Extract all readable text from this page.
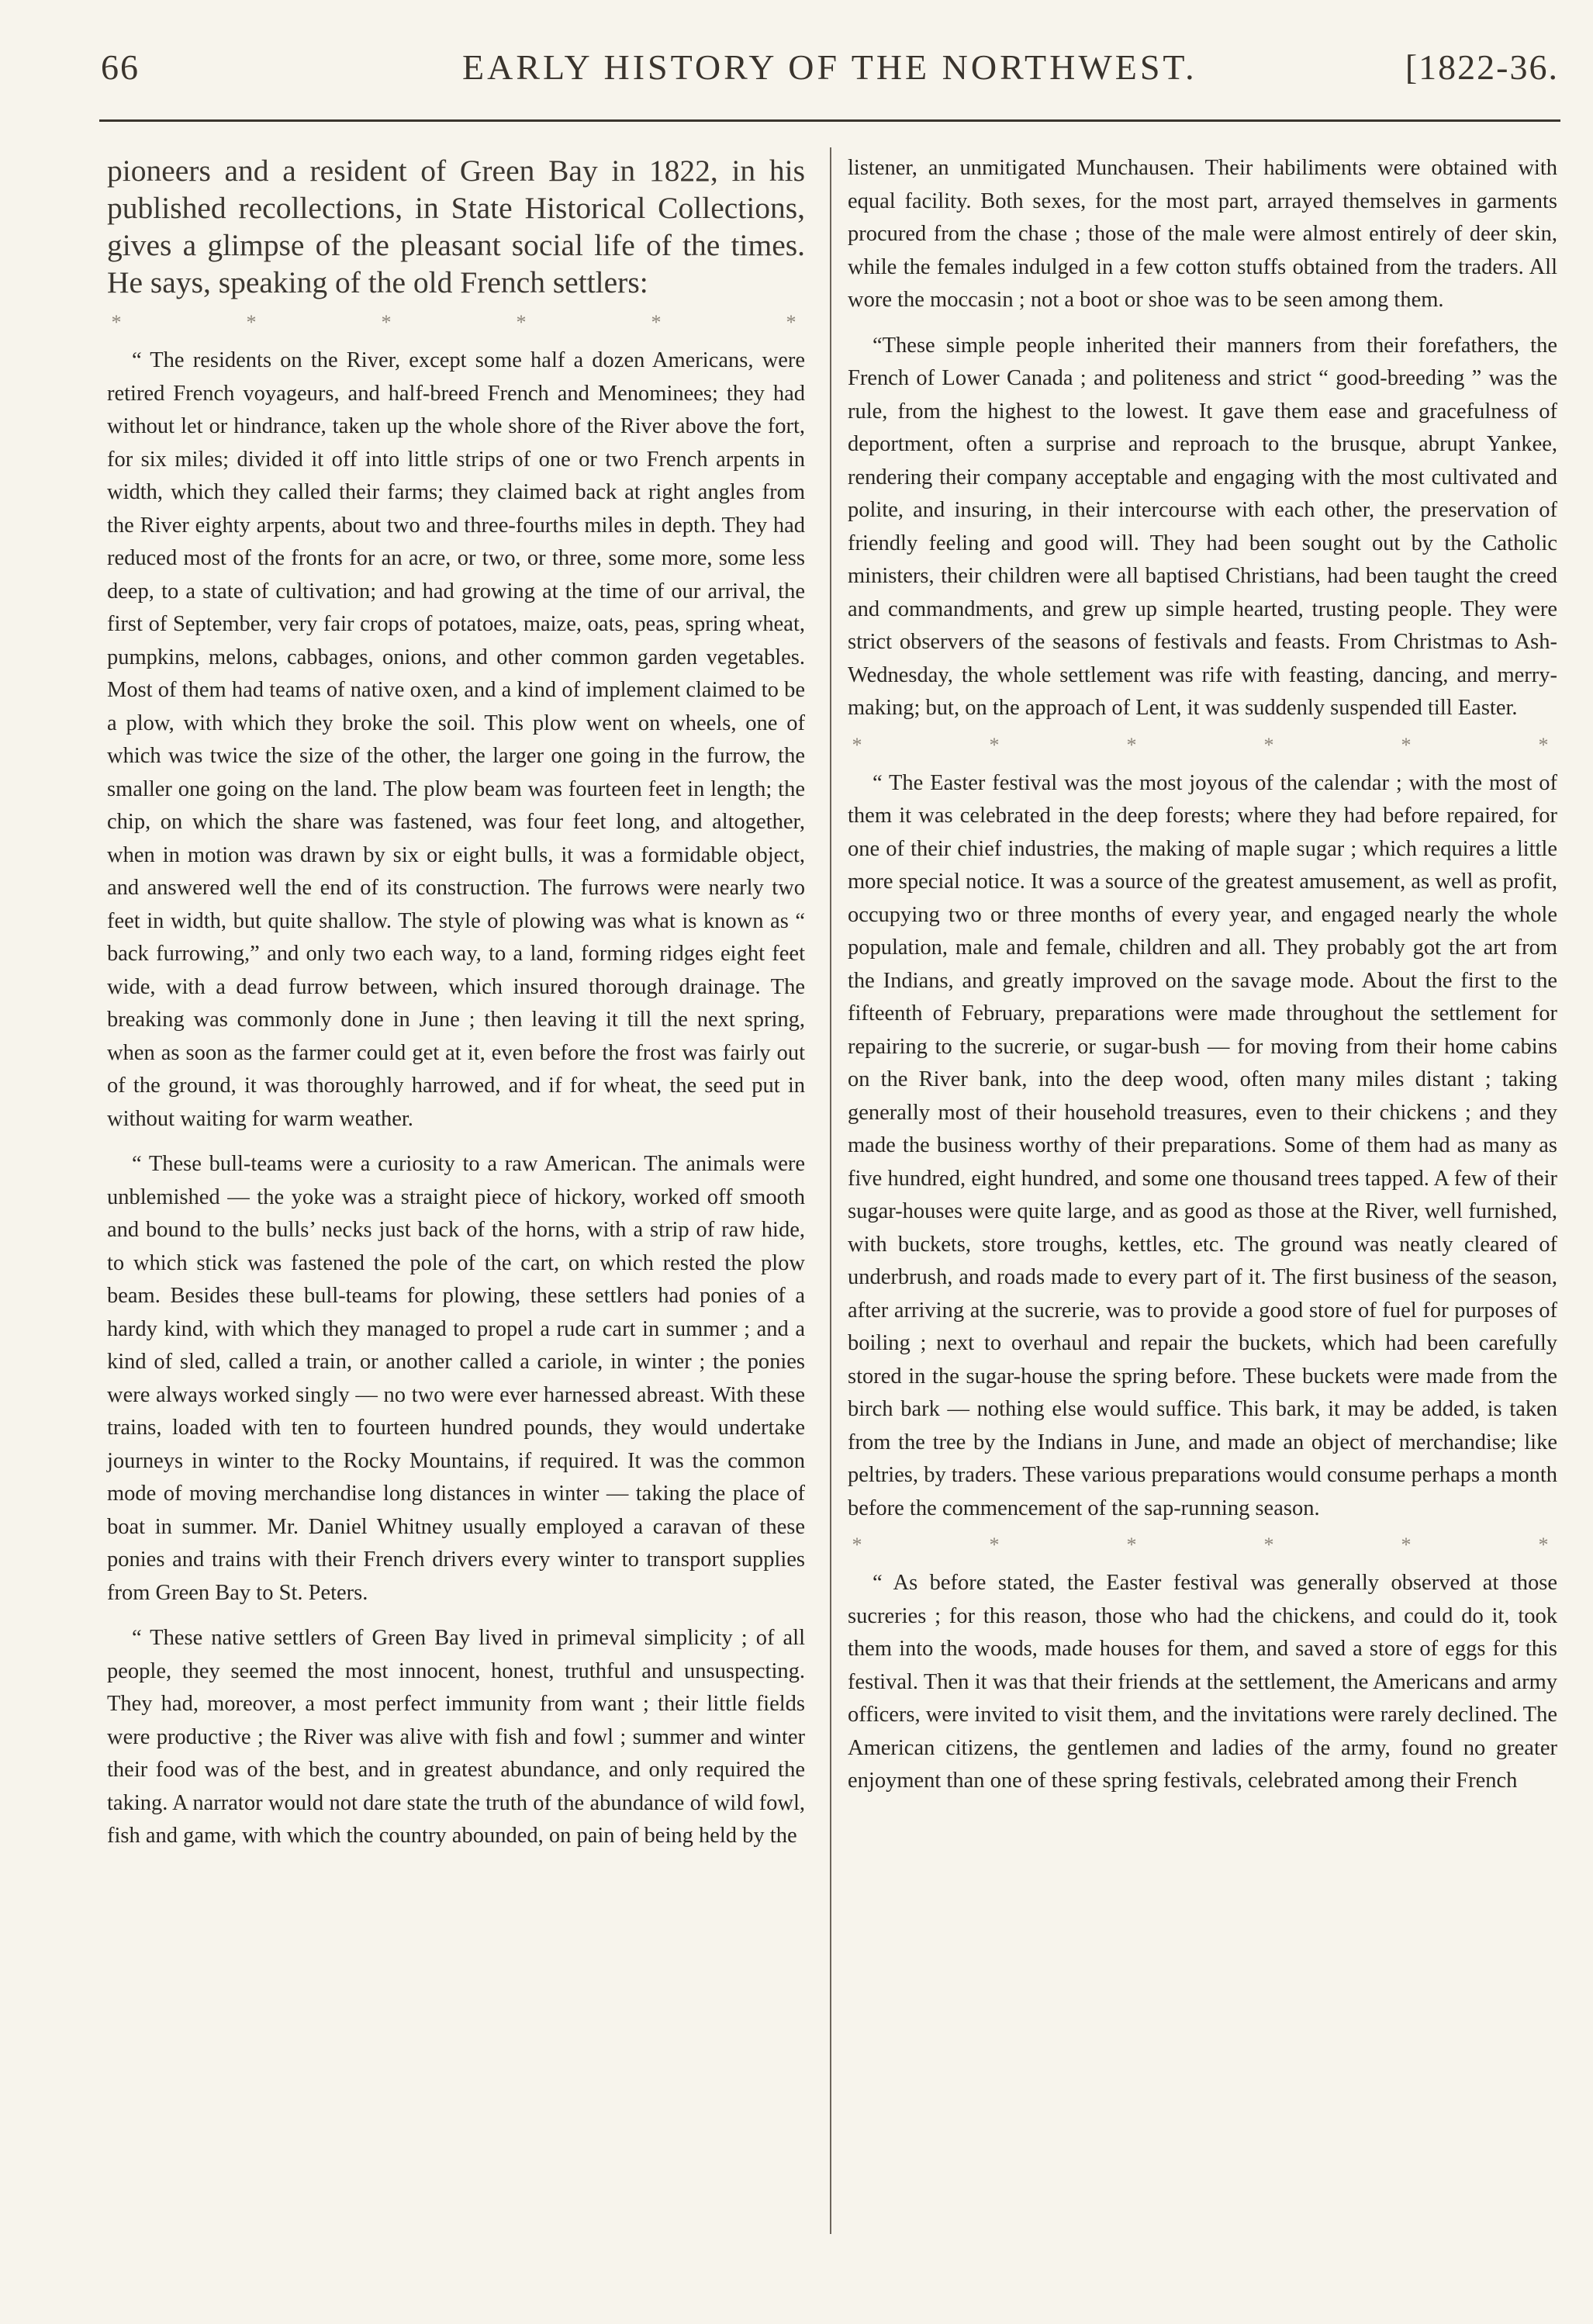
66	EARLY HISTORY OF THE NORTHWEST.	[1822-36.
pioneers and a resident of Green Bay in 1822, in his published recollections, in State Historical Collections, gives a glimpse of the pleasant social life of the times. He says, speaking of the old French settlers:
*	*	*	*	*	*

“ The residents on the River, except some half a dozen Americans, were retired French voyageurs, and half-breed French and Menominees; they had without let or hindrance, taken up the whole shore of the River above the fort, for six miles; divided it off into little strips of one or two French arpents in width, which they called their farms; they claimed back at right angles from the River eighty arpents, about two and three-fourths miles in depth. They had reduced most of the fronts for an acre, or two, or three, some more, some less deep, to a state of cultivation; and had growing at the time of our arrival, the first of September, very fair crops of potatoes, maize, oats, peas, spring wheat, pumpkins, melons, cabbages, onions, and other common garden vegetables. Most of them had teams of native oxen, and a kind of implement claimed to be a plow, with which they broke the soil. This plow went on wheels, one of which was twice the size of the other, the larger one going in the furrow, the smaller one going on the land. The plow beam was fourteen feet in length; the chip, on which the share was fastened, was four feet long, and altogether, when in motion was drawn by six or eight bulls, it was a formidable object, and answered well the end of its construction. The furrows were nearly two feet in width, but quite shallow. The style of plowing was what is known as “ back furrowing,” and only two each way, to a land, forming ridges eight feet wide, with a dead furrow between, which insured thorough drainage. The breaking was commonly done in June ; then leaving it till the next spring, when as soon as the farmer could get at it, even before the frost was fairly out of the ground, it was thoroughly harrowed, and if for wheat, the seed put in without waiting for warm weather.

“ These bull-teams were a curiosity to a raw American. The animals were unblemished — the yoke was a straight piece of hickory, worked off smooth and bound to the bulls’ necks just back of the horns, with a strip of raw hide, to which stick was fastened the pole of the cart, on which rested the plow beam. Besides these bull-teams for plowing, these settlers had ponies of a hardy kind, with which they managed to propel a rude cart in summer ; and a kind of sled, called a train, or another called a cariole, in winter ; the ponies were always worked singly — no two were ever harnessed abreast. With these trains, loaded with ten to fourteen hundred pounds, they would undertake journeys in winter to the Rocky Mountains, if required. It was the common mode of moving merchandise long distances in winter — taking the place of boat in summer. Mr. Daniel Whitney usually employed a caravan of these ponies and trains with their French drivers every winter to transport supplies from Green Bay to St. Peters.

“ These native settlers of Green Bay lived in primeval simplicity ; of all people, they seemed the most innocent, honest, truthful and unsuspecting. They had, moreover, a most perfect immunity from want ; their little fields were productive ; the River was alive with fish and fowl ; summer and winter their food was of the best, and in greatest abundance, and only required the taking. A narrator would not dare state the truth of the abundance of wild fowl, fish and game, with which the country abounded, on pain of being held by the

listener, an unmitigated Munchausen. Their habiliments were obtained with equal facility. Both sexes, for the most part, arrayed themselves in garments procured from the chase ; those of the male were almost entirely of deer skin, while the females indulged in a few cotton stuffs obtained from the traders. All wore the moccasin ; not a boot or shoe was to be seen among them.

“These simple people inherited their manners from their forefathers, the French of Lower Canada ; and politeness and strict “ good-breeding ” was the rule, from the highest to the lowest. It gave them ease and gracefulness of deportment, often a surprise and reproach to the brusque, abrupt Yankee, rendering their company acceptable and engaging with the most cultivated and polite, and insuring, in their intercourse with each other, the preservation of friendly feeling and good will. They had been sought out by the Catholic ministers, their children were all baptised Christians, had been taught the creed and commandments, and grew up simple hearted, trusting people. They were strict observers of the seasons of festivals and feasts. From Christmas to Ash-Wednesday, the whole settlement was rife with feasting, dancing, and merry-making; but, on the approach of Lent, it was suddenly suspended till Easter.

*	*	*	*	*	*

“ The Easter festival was the most joyous of the calendar ; with the most of them it was celebrated in the deep forests; where they had before repaired, for one of their chief industries, the making of maple sugar ; which requires a little more special notice. It was a source of the greatest amusement, as well as profit, occupying two or three months of every year, and engaged nearly the whole population, male and female, children and all. They probably got the art from the Indians, and greatly improved on the savage mode. About the first to the fifteenth of February, preparations were made throughout the settlement for repairing to the sucrerie, or sugar-bush — for moving from their home cabins on the River bank, into the deep wood, often many miles distant ; taking generally most of their household treasures, even to their chickens ; and they made the business worthy of their preparations. Some of them had as many as five hundred, eight hundred, and some one thousand trees tapped. A few of their sugar-houses were quite large, and as good as those at the River, well furnished, with buckets, store troughs, kettles, etc. The ground was neatly cleared of underbrush, and roads made to every part of it. The first business of the season, after arriving at the sucrerie, was to provide a good store of fuel for purposes of boiling ; next to overhaul and repair the buckets, which had been carefully stored in the sugar-house the spring before. These buckets were made from the birch bark — nothing else would suffice. This bark, it may be added, is taken from the tree by the Indians in June, and made an object of merchandise; like peltries, by traders. These various preparations would consume perhaps a month before the commencement of the sap-running season.

*	*	*	*	*	*

“ As before stated, the Easter festival was generally observed at those sucreries ; for this reason, those who had the chickens, and could do it, took them into the woods, made houses for them, and saved a store of eggs for this festival. Then it was that their friends at the settlement, the Americans and army officers, were invited to visit them, and the invitations were rarely declined. The American citizens, the gentlemen and ladies of the army, found no greater enjoyment than one of these spring festivals, celebrated among their French
